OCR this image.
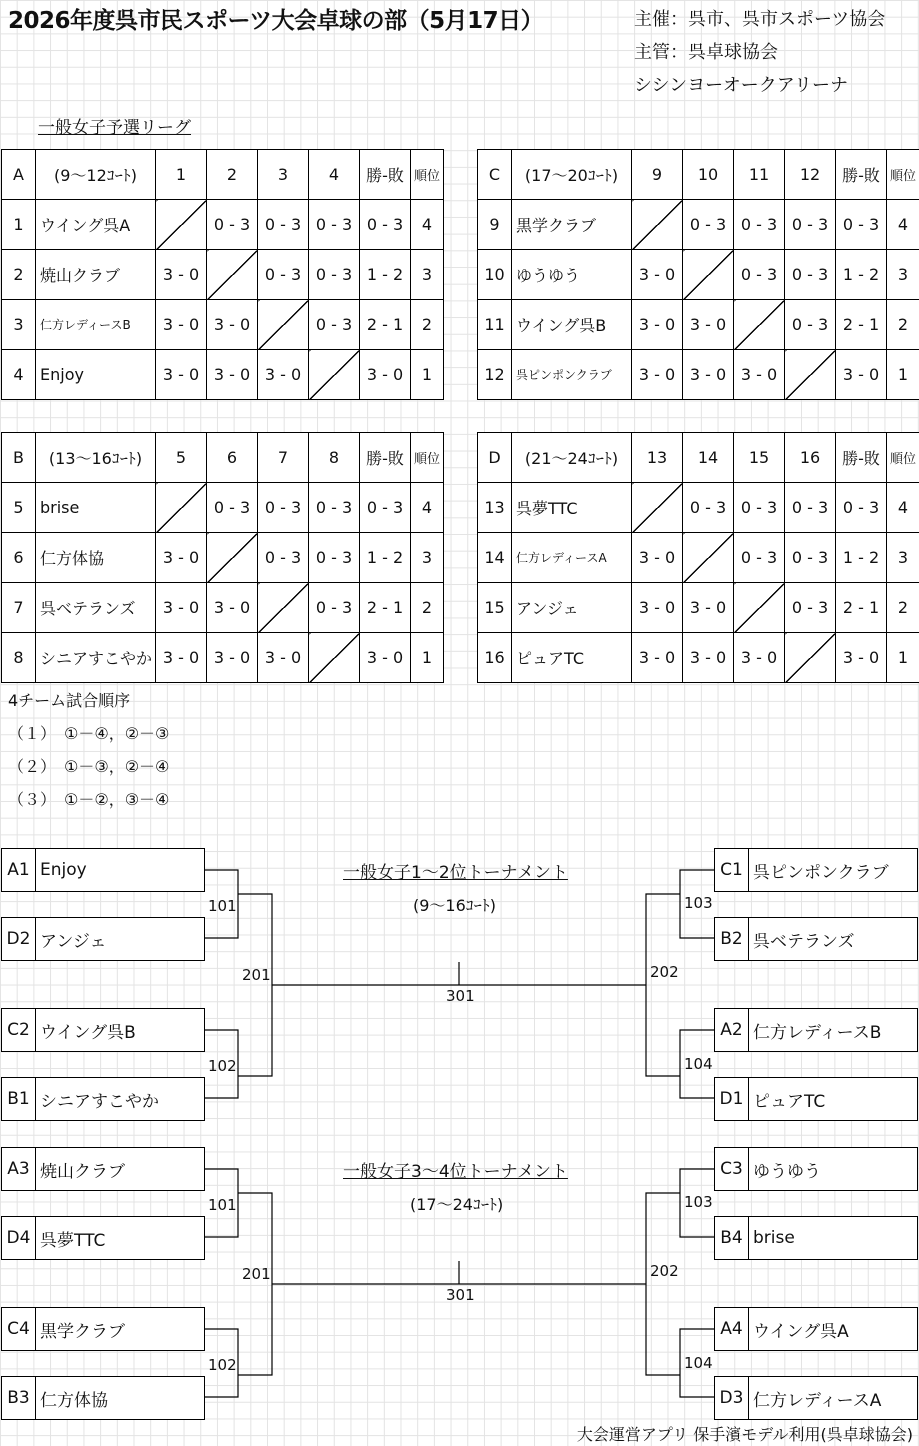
2026年度呉市民スポーツ大会卓球の部（5月17日）	主催：呉市、呉市スポーツ協会
主管：呉卓球協会
シシンヨーオークアリーナ
一般女子予選リーグ
A	(9～12ｺｰﾄ)	1	2	3	4	勝-敗	順位
1	ウイング呉A		0 - 3	0 - 3	0 - 3	0 - 3	4
2	焼山クラブ	3 - 0		0 - 3	0 - 3	1 - 2	3
3	仁方レディースB	3 - 0	3 - 0		0 - 3	2 - 1	2
4	Enjoy	3 - 0	3 - 0	3 - 0		3 - 0	1
C	(17～20ｺｰﾄ)	9	10	11	12	勝-敗	順位
9	黒学クラブ		0 - 3	0 - 3	0 - 3	0 - 3	4
10	ゆうゆう	3 - 0		0 - 3	0 - 3	1 - 2	3
11	ウイング呉B	3 - 0	3 - 0		0 - 3	2 - 1	2
12	呉ピンポンクラブ	3 - 0	3 - 0	3 - 0		3 - 0	1
B	(13～16ｺｰﾄ)	5	6	7	8	勝-敗	順位
5	brise		0 - 3	0 - 3	0 - 3	0 - 3	4
6	仁方体協	3 - 0		0 - 3	0 - 3	1 - 2	3
7	呉ベテランズ	3 - 0	3 - 0		0 - 3	2 - 1	2
8	シニアすこやか	3 - 0	3 - 0	3 - 0		3 - 0	1
D	(21～24ｺｰﾄ)	13	14	15	16	勝-敗	順位
13	呉夢TTC		0 - 3	0 - 3	0 - 3	0 - 3	4
14	仁方レディースA	3 - 0		0 - 3	0 - 3	1 - 2	3
15	アンジェ	3 - 0	3 - 0		0 - 3	2 - 1	2
16	ピュアTC	3 - 0	3 - 0	3 - 0		3 - 0	1
4チーム試合順序
（１）　①－④，②－③
（２）　①－③，②－④
（３）　①－②，③－④
一般女子1～2位トーナメント
(9～16ｺｰﾄ)
A1 Enjoy
D2 アンジェ
C2 ウイング呉B
B1 シニアすこやか
C1 呉ピンポンクラブ
B2 呉ベテランズ
A2 仁方レディースB
D1 ピュアTC
101
102
103
104
201	202
301
一般女子3～4位トーナメント
(17～24ｺｰﾄ)
A3 焼山クラブ
D4 呉夢TTC
C4 黒学クラブ
B3 仁方体協
C3 ゆうゆう
B4 brise
A4 ウイング呉A
D3 仁方レディースA
101
102
103
104
201	202
301
大会運営アプリ 保手濱モデル利用(呉卓球協会)
